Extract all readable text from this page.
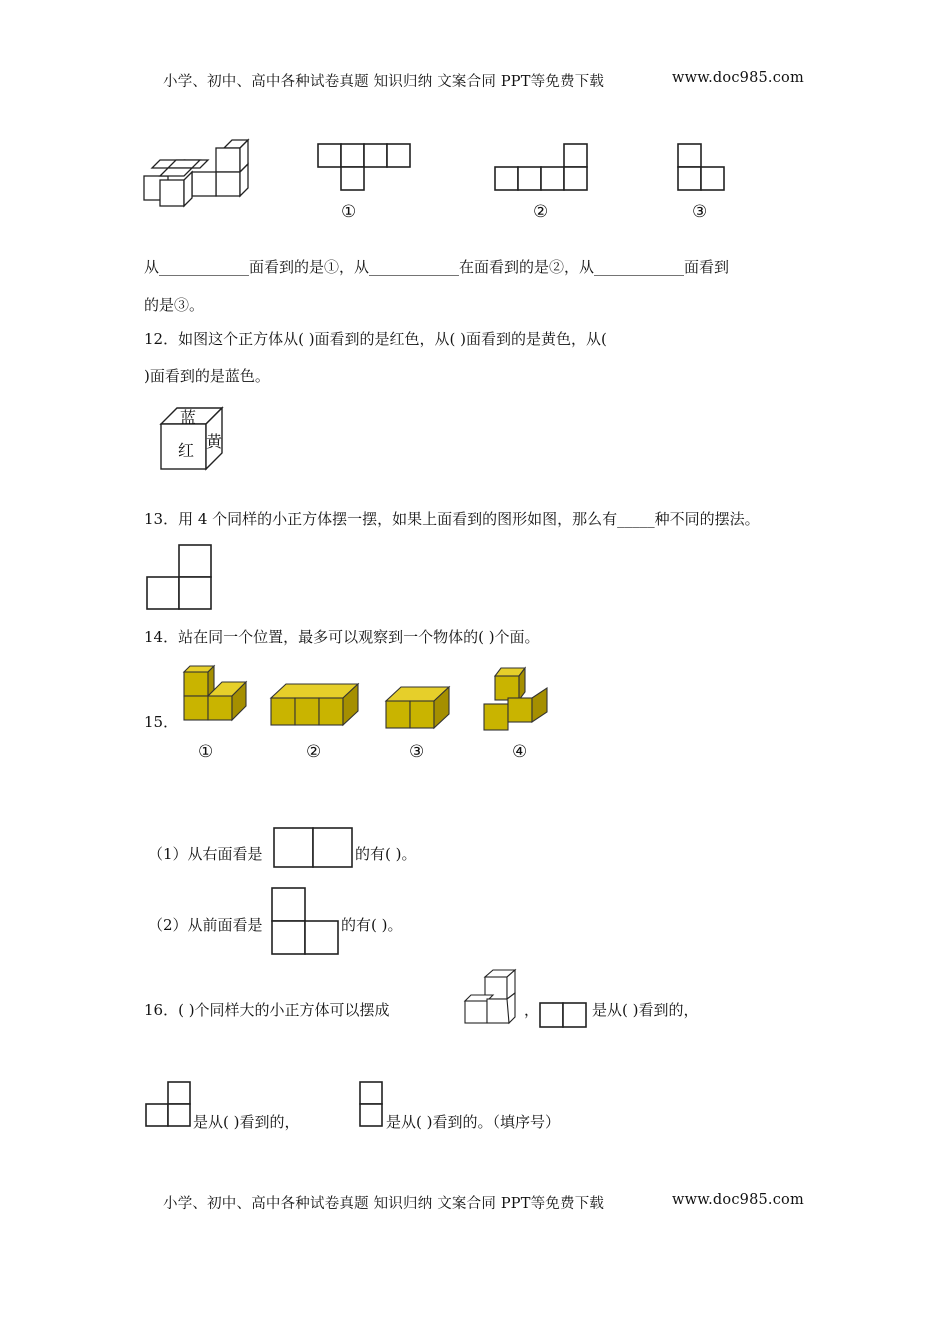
小学、初中、高中各种试卷真题 知识归纳 文案合同 PPT等免费下载	www.doc985.com
①	②	③
从____________面看到的是①，从____________在面看到的是②，从____________面看到
的是③。
12．如图这个正方体从( )面看到的是红色，从( )面看到的是黄色，从(
)面看到的是蓝色。
蓝
红 黄
13．用 4 个同样的小正方体摆一摆，如果上面看到的图形如图，那么有_____种不同的摆法。
14．站在同一个位置，最多可以观察到一个物体的( )个面。
15．
①	②	③	④
（1）从右面看是	的有( )。
（2）从前面看是	的有( )。
16．( )个同样大的小正方体可以摆成	，	是从( )看到的，
是从( )看到的，	是从( )看到的。（填序号）
小学、初中、高中各种试卷真题 知识归纳 文案合同 PPT等免费下载	www.doc985.com
